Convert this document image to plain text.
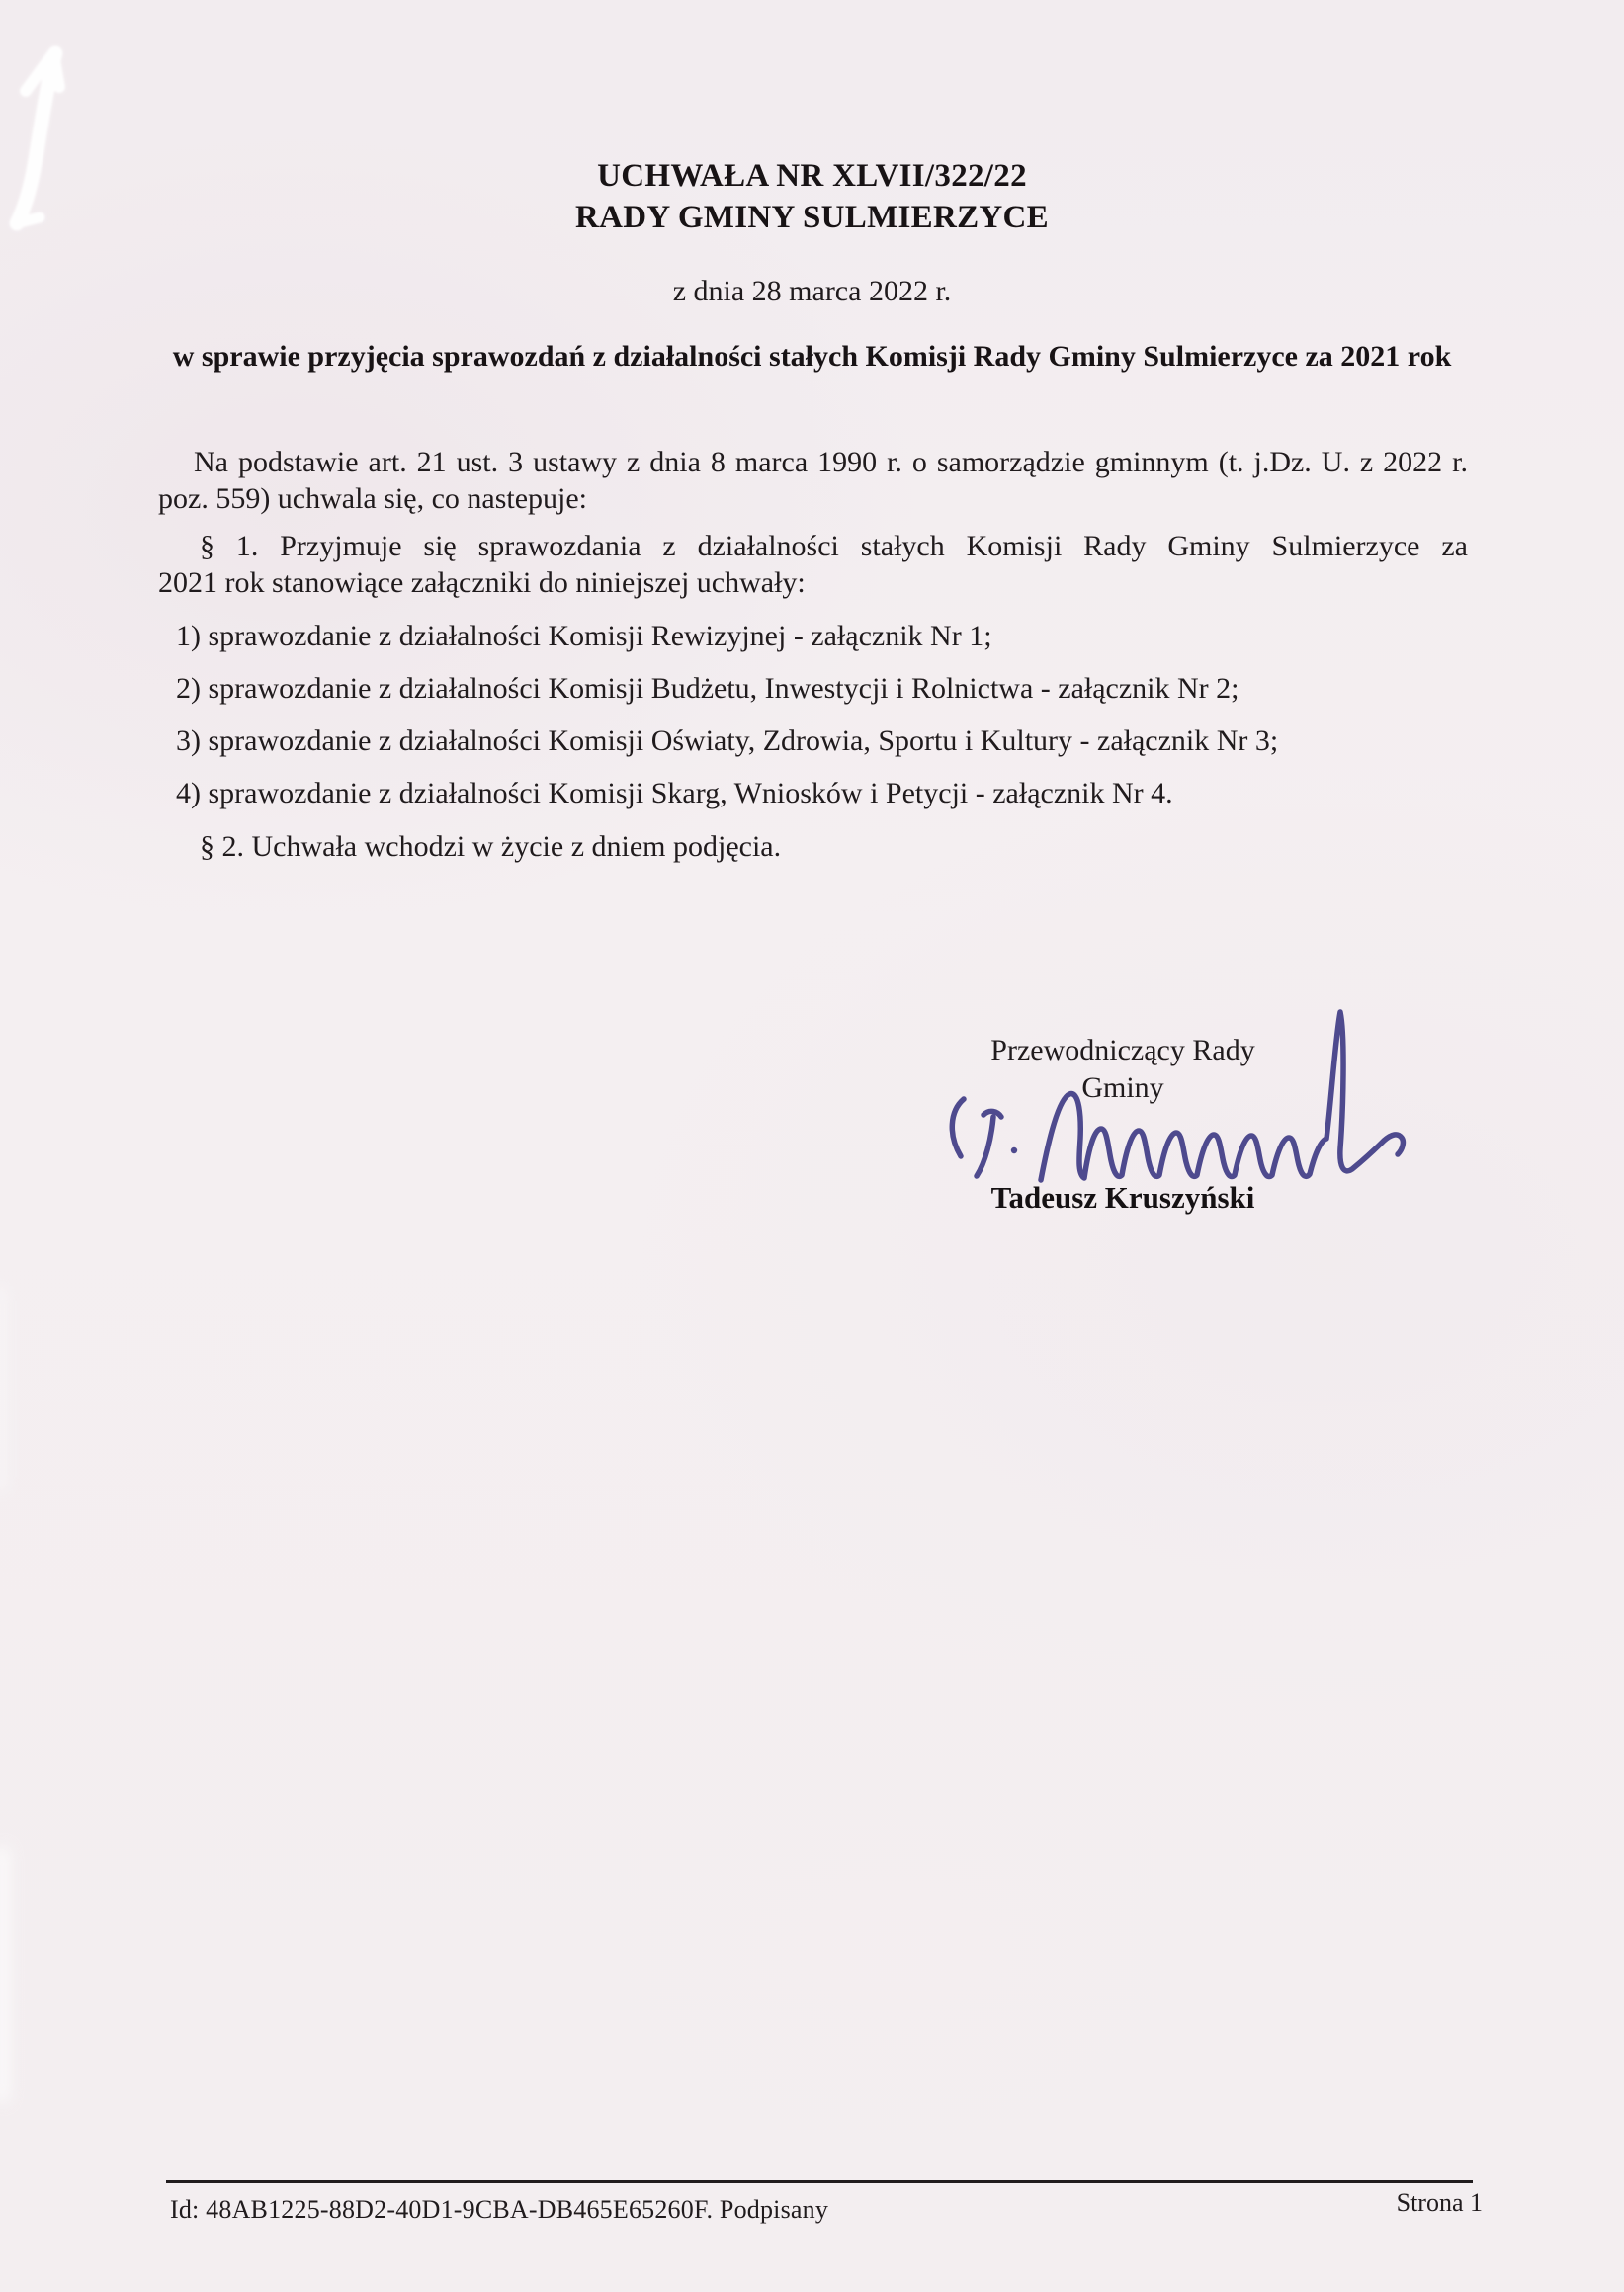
UCHWAŁA NR XLVII/322/22
RADY GMINY SULMIERZYCE
z dnia 28 marca 2022 r.
w sprawie przyjęcia sprawozdań z działalności stałych Komisji Rady Gminy Sulmierzyce za 2021 rok
Na podstawie art. 21 ust. 3 ustawy z dnia 8 marca 1990 r. o samorządzie gminnym (t. j.Dz. U. z 2022 r.
poz. 559) uchwala się, co nastepuje:
§ 1. Przyjmuje się sprawozdania z działalności stałych Komisji Rady Gminy Sulmierzyce za
2021 rok stanowiące załączniki do niniejszej uchwały:
1) sprawozdanie z działalności Komisji Rewizyjnej - załącznik Nr 1;
2) sprawozdanie z działalności Komisji Budżetu, Inwestycji i Rolnictwa - załącznik Nr 2;
3) sprawozdanie z działalności Komisji Oświaty, Zdrowia, Sportu i Kultury - załącznik Nr 3;
4) sprawozdanie z działalności Komisji Skarg, Wniosków i Petycji - załącznik Nr 4.
§ 2. Uchwała wchodzi w życie z dniem podjęcia.
Przewodniczący Rady
Gminy
Tadeusz Kruszyński
Id: 48AB1225-88D2-40D1-9CBA-DB465E65260F. Podpisany	Strona 1
